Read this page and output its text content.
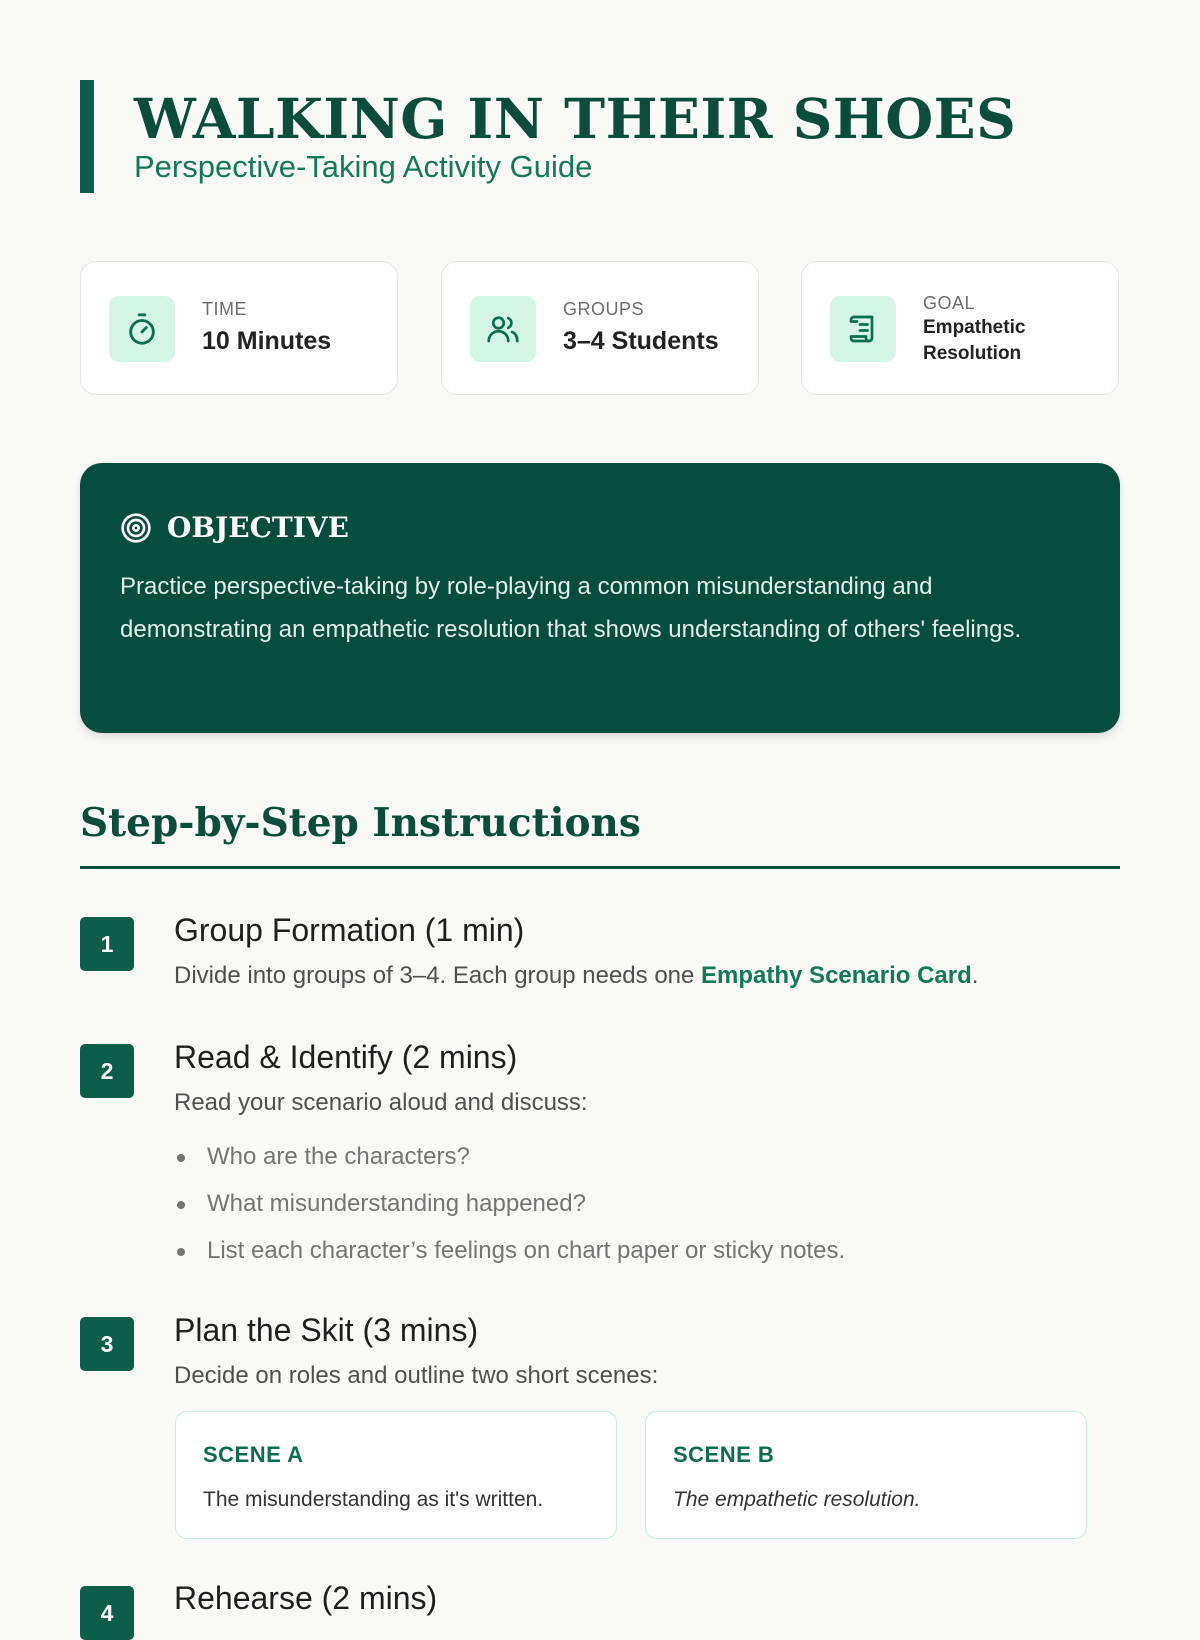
WALKING IN THEIR SHOES
Perspective-Taking Activity Guide
TIME
10 Minutes
GROUPS
3–4 Students
GOAL
Empathetic Resolution
OBJECTIVE
Practice perspective-taking by role-playing a common misunderstanding and demonstrating an empathetic resolution that shows understanding of others' feelings.
Step-by-Step Instructions
1	Group Formation (1 min)
Divide into groups of 3–4. Each group needs one Empathy Scenario Card.
2	Read & Identify (2 mins)
Read your scenario aloud and discuss:
Who are the characters?
What misunderstanding happened?
List each character’s feelings on chart paper or sticky notes.
3	Plan the Skit (3 mins)
Decide on roles and outline two short scenes:
SCENE A
The misunderstanding as it's written.
SCENE B
The empathetic resolution.
4	Rehearse (2 mins)
